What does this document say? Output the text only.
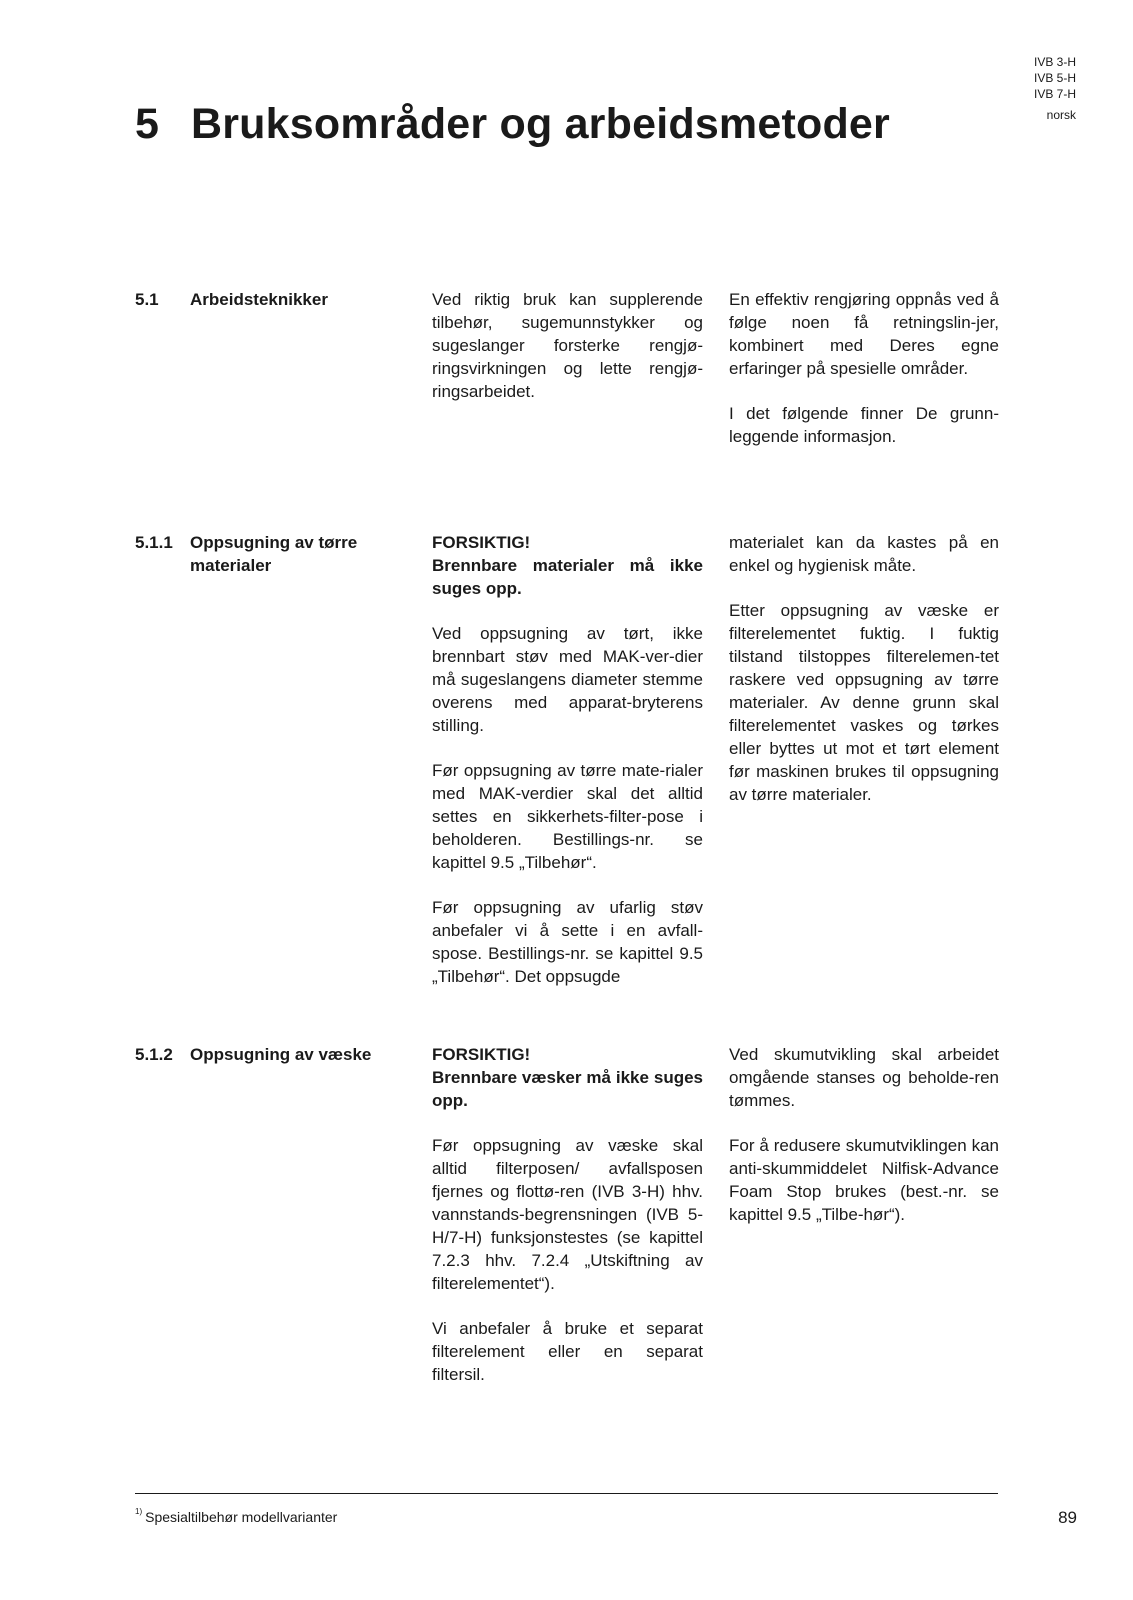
IVB 3-H
IVB 5-H
IVB 7-H
norsk
5 Bruksområder og arbeidsmetoder
5.1 Arbeidsteknikker	Ved riktig bruk kan supplerende tilbehør, sugemunnstykker og sugeslanger forsterke rengjø-ringsvirkningen og lette rengjø-ringsarbeidet.

En effektiv rengjøring oppnås ved å følge noen få retningslin-jer, kombinert med Deres egne erfaringer på spesielle områder.

I det følgende finner De grunn-leggende informasjon.

5.1.1 Oppsugning av tørre materialer

FORSIKTIG!
Brennbare materialer må ikke suges opp.

Ved oppsugning av tørt, ikke brennbart støv med MAK-ver-dier må sugeslangens diameter stemme overens med apparat-bryterens stilling.

Før oppsugning av tørre mate-rialer med MAK-verdier skal det alltid settes en sikkerhets-filter-pose i beholderen. Bestillings-nr. se kapittel 9.5 „Tilbehør“.

Før oppsugning av ufarlig støv anbefaler vi å sette i en avfall-spose. Bestillings-nr. se kapittel 9.5 „Tilbehør“. Det oppsugde

materialet kan da kastes på en enkel og hygienisk måte.

Etter oppsugning av væske er filterelementet fuktig. I fuktig tilstand tilstoppes filterelemen-tet raskere ved oppsugning av tørre materialer. Av denne grunn skal filterelementet vaskes og tørkes eller byttes ut mot et tørt element før maskinen brukes til oppsugning av tørre materialer.

5.1.2 Oppsugning av væske	FORSIKTIG!
Brennbare væsker må ikke suges opp.

Før oppsugning av væske skal alltid filterposen/ avfallsposen fjernes og flottø-ren (IVB 3-H) hhv. vannstands-begrensningen (IVB 5-H/7-H) funksjonstestes (se kapittel 7.2.3 hhv. 7.2.4 „Utskiftning av filterelementet“).

Vi anbefaler å bruke et separat filterelement eller en separat filtersil.

Ved skumutvikling skal arbeidet omgående stanses og beholde-ren tømmes.

For å redusere skumutviklingen kan anti-skummiddelet Nilfisk-Advance Foam Stop brukes (best.-nr. se kapittel 9.5 „Tilbe-hør“).

$^{1)}$ Spesialtilbehør modellvarianter	89
